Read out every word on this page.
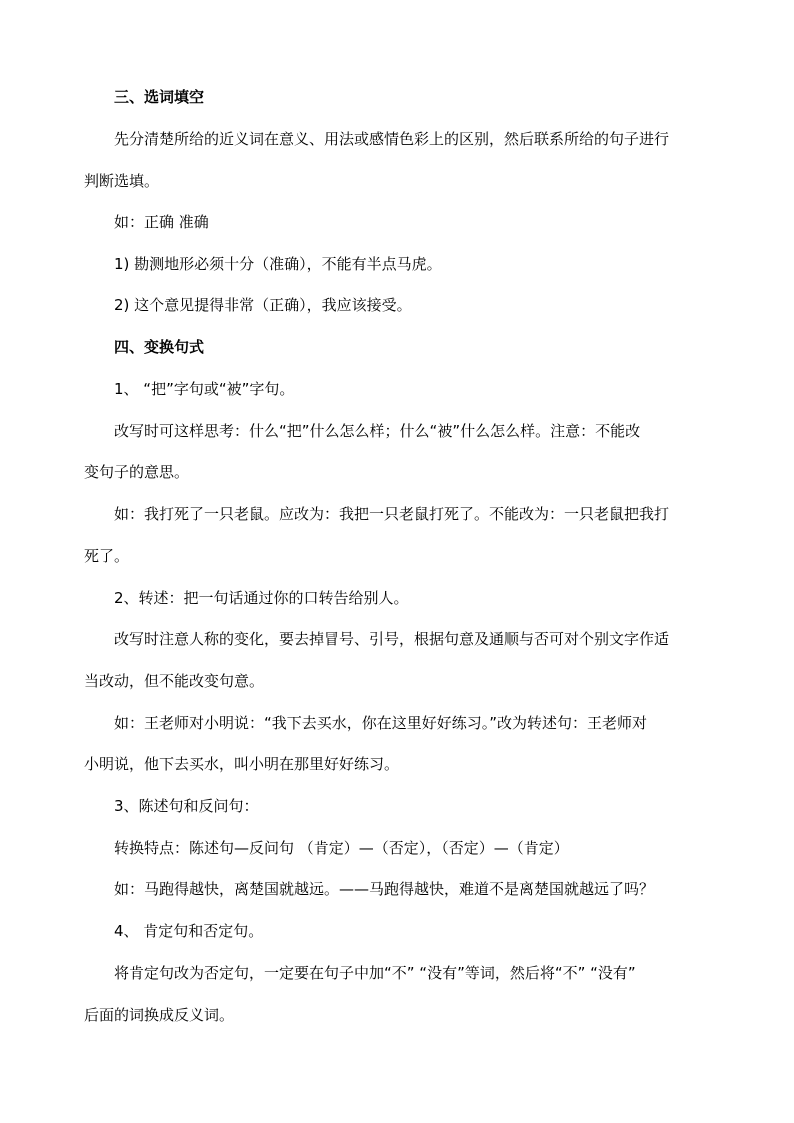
三、选词填空
先分清楚所给的近义词在意义、用法或感情色彩上的区别，然后联系所给的句子进行
判断选填。
如：正确 准确
1) 勘测地形必须十分（准确），不能有半点马虎。
2) 这个意见提得非常（正确），我应该接受。
四、变换句式
1、 “把”字句或“被”字句。
改写时可这样思考：什么“把”什么怎么样；什么“被”什么怎么样。注意：不能改
变句子的意思。
如：我打死了一只老鼠。应改为：我把一只老鼠打死了。不能改为：一只老鼠把我打
死了。
2、转述：把一句话通过你的口转告给别人。
改写时注意人称的变化，要去掉冒号、引号，根据句意及通顺与否可对个别文字作适
当改动，但不能改变句意。
如：王老师对小明说：“我下去买水，你在这里好好练习。”改为转述句：王老师对
小明说，他下去买水，叫小明在那里好好练习。
3、陈述句和反问句：
转换特点：陈述句—反问句 （肯定）—（否定），（否定）—（肯定）
如：马跑得越快，离楚国就越远。——马跑得越快，难道不是离楚国就越远了吗？
4、 肯定句和否定句。
将肯定句改为否定句，一定要在句子中加“不” “没有”等词，然后将“不” “没有”
后面的词换成反义词。
